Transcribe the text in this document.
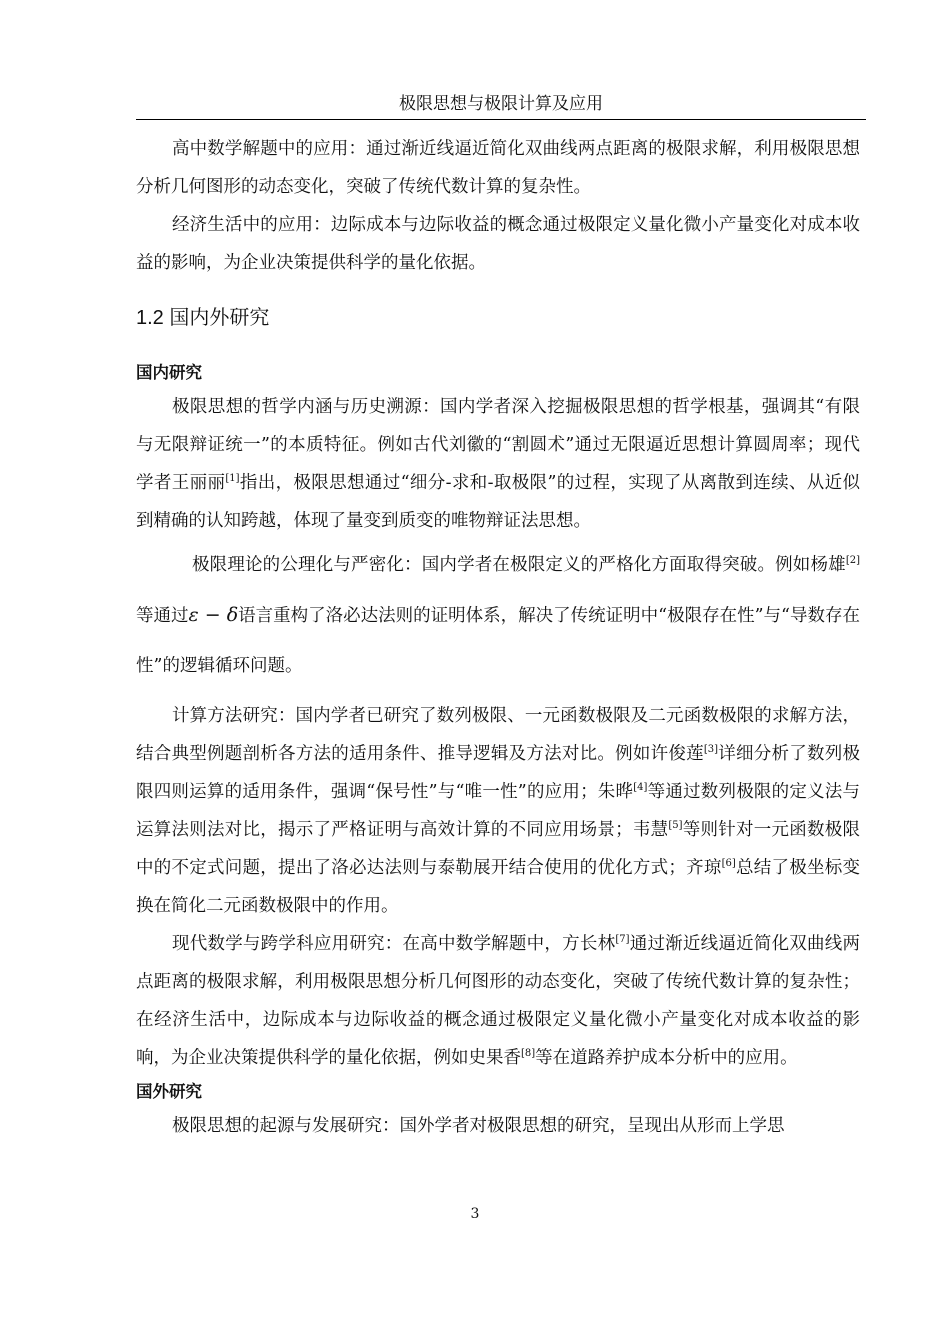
极限思想与极限计算及应用

高中数学解题中的应用：通过渐近线逼近简化双曲线两点距离的极限求解，利用极限思想分析几何图形的动态变化，突破了传统代数计算的复杂性。

经济生活中的应用：边际成本与边际收益的概念通过极限定义量化微小产量变化对成本收益的影响，为企业决策提供科学的量化依据。

1.2 国内外研究
国内研究

极限思想的哲学内涵与历史溯源：国内学者深入挖掘极限思想的哲学根基，强调其“有限与无限辩证统一”的本质特征。例如古代刘徽的“割圆术”通过无限逼近思想计算圆周率；现代学者王丽丽[1]指出，极限思想通过“细分-求和-取极限”的过程，实现了从离散到连续、从近似到精确的认知跨越，体现了量变到质变的唯物辩证法思想。

极限理论的公理化与严密化：国内学者在极限定义的严格化方面取得突破。例如杨雄[2]等通过ε − δ语言重构了洛必达法则的证明体系，解决了传统证明中“极限存在性”与“导数存在性”的逻辑循环问题。

计算方法研究：国内学者已研究了数列极限、一元函数极限及二元函数极限的求解方法，结合典型例题剖析各方法的适用条件、推导逻辑及方法对比。例如许俊莲[3]详细分析了数列极限四则运算的适用条件，强调“保号性”与“唯一性”的应用；朱晔[4]等通过数列极限的定义法与运算法则法对比，揭示了严格证明与高效计算的不同应用场景；韦慧[5]等则针对一元函数极限中的不定式问题，提出了洛必达法则与泰勒展开结合使用的优化方式；齐琼[6]总结了极坐标变换在简化二元函数极限中的作用。

现代数学与跨学科应用研究：在高中数学解题中，方长林[7]通过渐近线逼近简化双曲线两点距离的极限求解，利用极限思想分析几何图形的动态变化，突破了传统代数计算的复杂性；在经济生活中，边际成本与边际收益的概念通过极限定义量化微小产量变化对成本收益的影响，为企业决策提供科学的量化依据，例如史果香[8]等在道路养护成本分析中的应用。

国外研究

极限思想的起源与发展研究：国外学者对极限思想的研究，呈现出从形而上学思

3
